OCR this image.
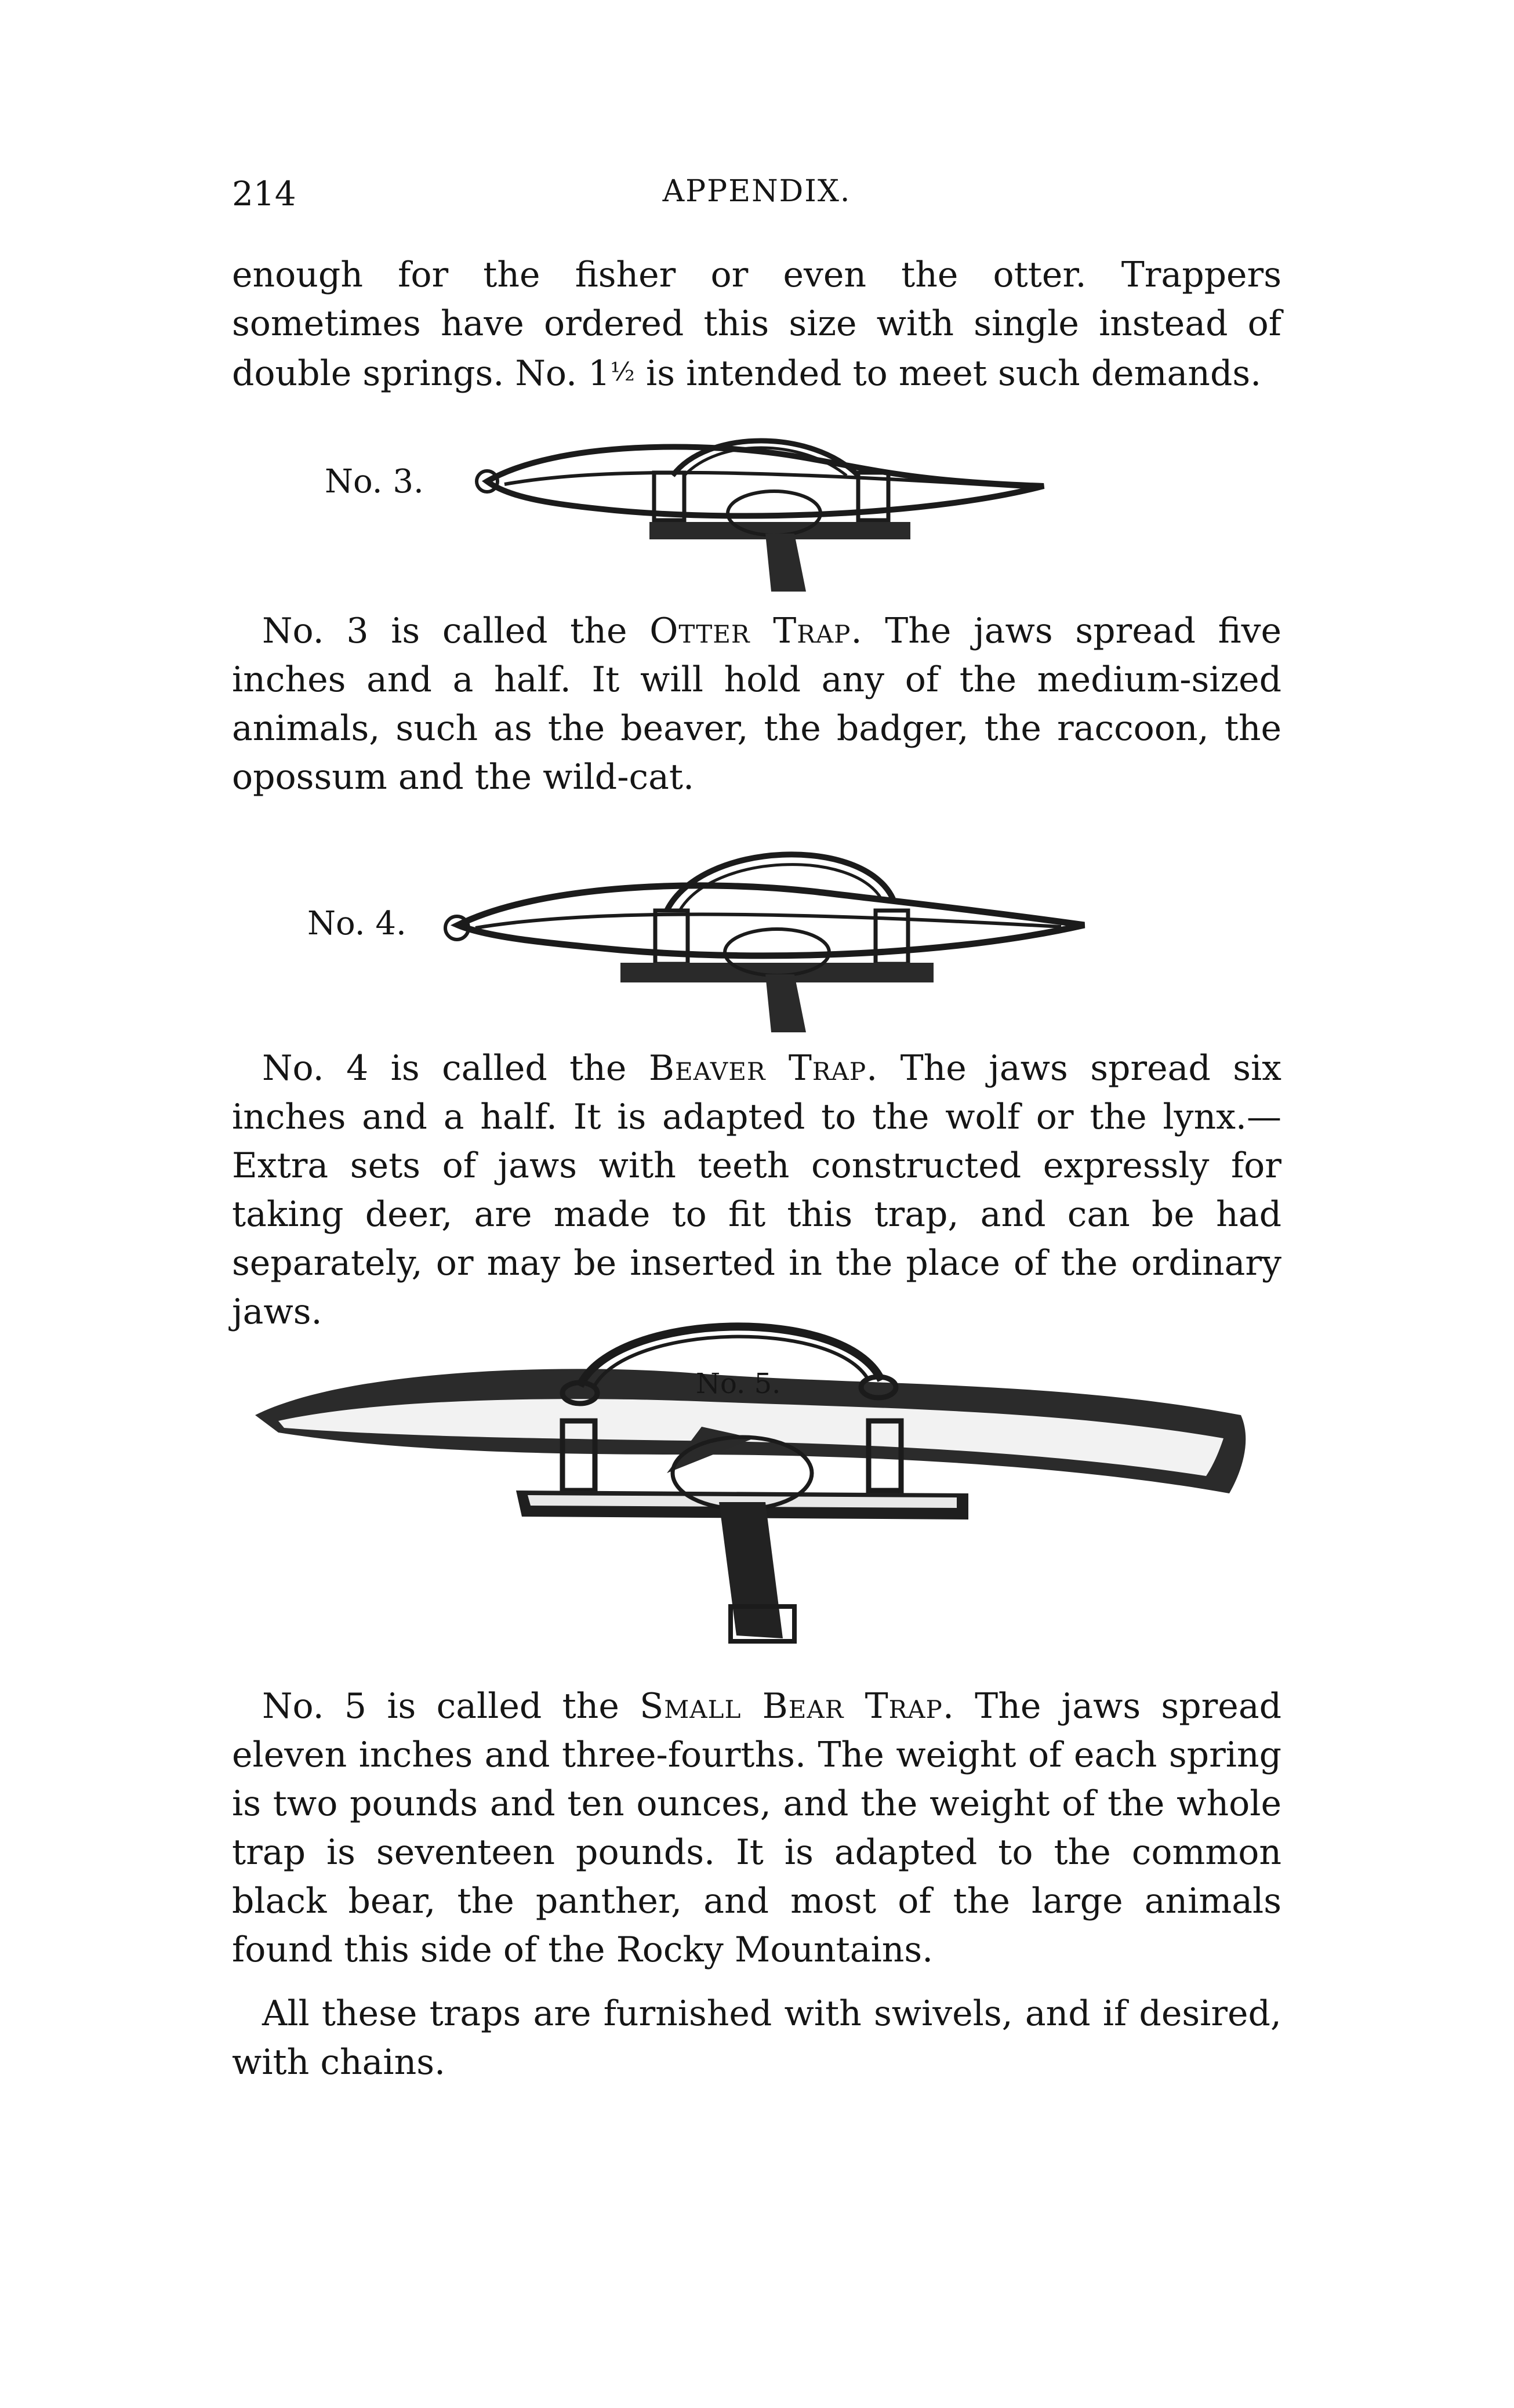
214	APPENDIX.

enough for the fisher or even the otter. Trappers sometimes have ordered this size with single instead of double springs. No. 1½ is intended to meet such demands.

No. 3.

No. 3 is called the Otter Trap. The jaws spread five inches and a half. It will hold any of the medium-sized animals, such as the beaver, the badger, the raccoon, the opossum and the wild-cat.

No. 4.

No. 4 is called the Beaver Trap. The jaws spread six inches and a half. It is adapted to the wolf or the lynx.— Extra sets of jaws with teeth constructed expressly for taking deer, are made to fit this trap, and can be had separately, or may be inserted in the place of the ordinary jaws.

No. 5.

No. 5 is called the Small Bear Trap. The jaws spread eleven inches and three-fourths. The weight of each spring is two pounds and ten ounces, and the weight of the whole trap is seventeen pounds. It is adapted to the common black bear, the panther, and most of the large animals found this side of the Rocky Mountains.

All these traps are furnished with swivels, and if desired, with chains.
